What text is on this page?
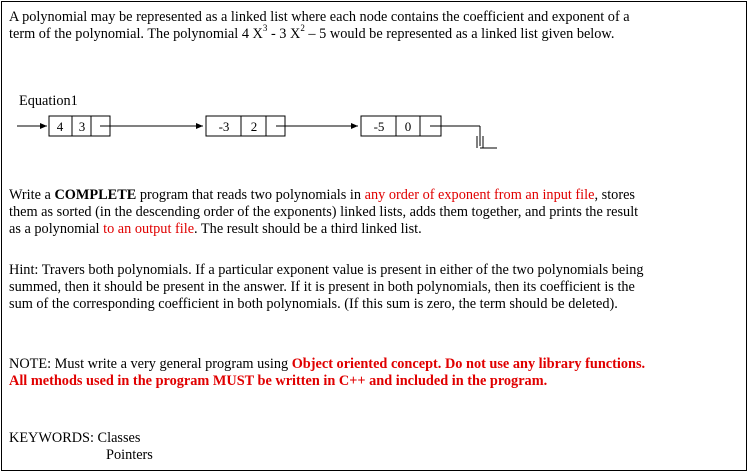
A polynomial may be represented as a linked list where each node contains the coefficient and exponent of a
term of the polynomial. The polynomial 4 $X^3 - 3$ $X^2 - 5$ would be represented as a linked list given below.

Equation1
4 3	-3 2	-5 0

Write a COMPLETE program that reads two polynomials in any order of exponent from an input file, stores
them as sorted (in the descending order of the exponents) linked lists, adds them together, and prints the result
as a polynomial to an output file. The result should be a third linked list.

Hint: Travers both polynomials. If a particular exponent value is present in either of the two polynomials being
summed, then it should be present in the answer. If it is present in both polynomials, then its coefficient is the
sum of the corresponding coefficient in both polynomials. (If this sum is zero, the term should be deleted).

NOTE: Must write a very general program using Object oriented concept. Do not use any library functions.
All methods used in the program MUST be written in C++ and included in the program.

KEYWORDS: Classes
Pointers
